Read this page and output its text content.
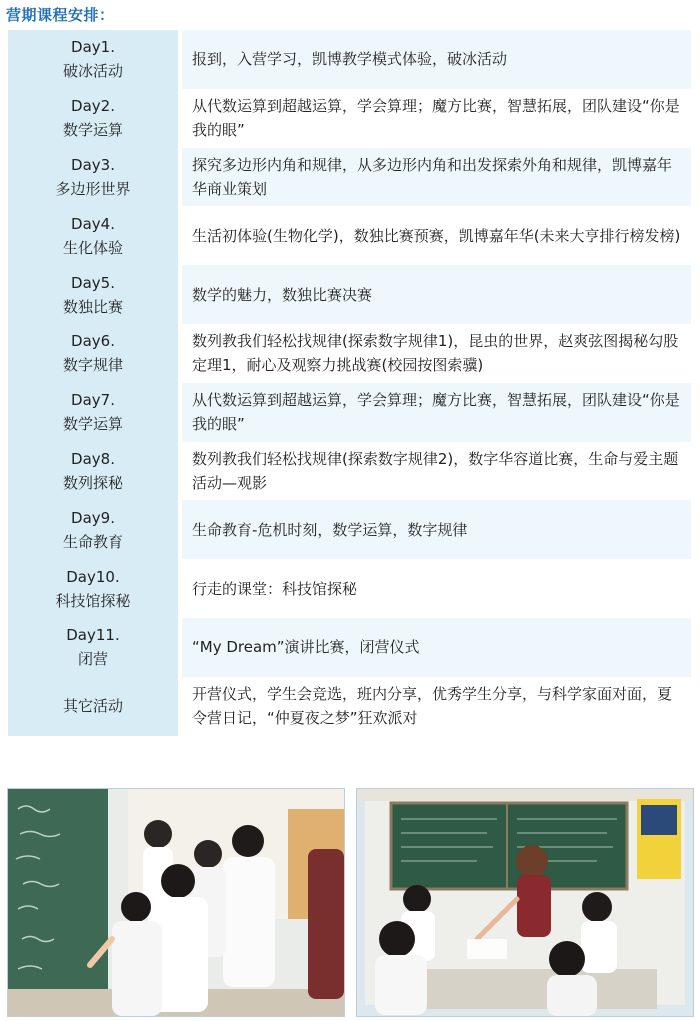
营期课程安排：
Day1.
破冰活动	报到，入营学习，凯博教学模式体验，破冰活动

Day2.
数学运算	从代数运算到超越运算，学会算理；魔方比赛，智慧拓展，团队建设“你是我的眼”

Day3.
多边形世界	探究多边形内角和规律，从多边形内角和出发探索外角和规律，凯博嘉年华商业策划

Day4.
生化体验	生活初体验(生物化学)，数独比赛预赛，凯博嘉年华(未来大亨排行榜发榜)

Day5.
数独比赛	数学的魅力，数独比赛决赛

Day6.
数字规律	数列教我们轻松找规律(探索数字规律1)，昆虫的世界，赵爽弦图揭秘勾股定理1，耐心及观察力挑战赛(校园按图索骥)

Day7.
数学运算	从代数运算到超越运算，学会算理；魔方比赛，智慧拓展，团队建设“你是我的眼”

Day8.
数列探秘	数列教我们轻松找规律(探索数字规律2)，数字华容道比赛，生命与爱主题活动—观影

Day9.
生命教育	生命教育-危机时刻，数学运算，数字规律

Day10.
科技馆探秘	行走的课堂：科技馆探秘

Day11.
闭营	“My Dream”演讲比赛，闭营仪式

其它活动	开营仪式，学生会竞选，班内分享，优秀学生分享，与科学家面对面，夏令营日记，“仲夏夜之梦”狂欢派对
